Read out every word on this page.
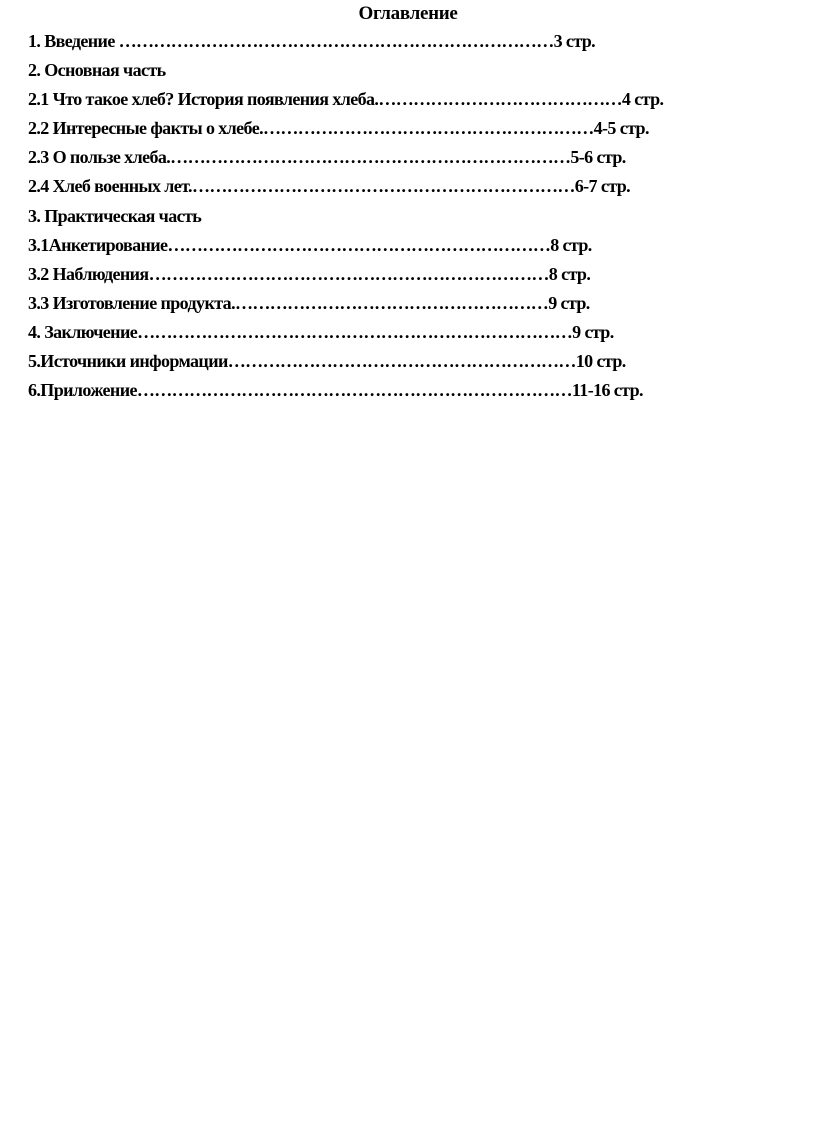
Оглавление
1. Введение …………………………………………………………………3 стр.
2. Основная часть
2.1 Что такое хлеб? История появления хлеба.……………………………………4 стр.
2.2 Интересные факты о хлебе.…………………………………………………4-5 стр.
2.3 О пользе хлеба.……………………………………………………………5-6 стр.
2.4 Хлеб военных лет.…………………………………………………………6-7 стр.
3. Практическая часть
3.1Анкетирование…………………………………………………………8 стр.
3.2 Наблюдения……………………………………………………………8 стр.
3.3 Изготовление продукта.………………………………………………9 стр.
4. Заключение…………………………………………………………………9 стр.
5.Источники информации……………………………………………………10 стр.
6.Приложение…………………………………………………………………11-16 стр.
